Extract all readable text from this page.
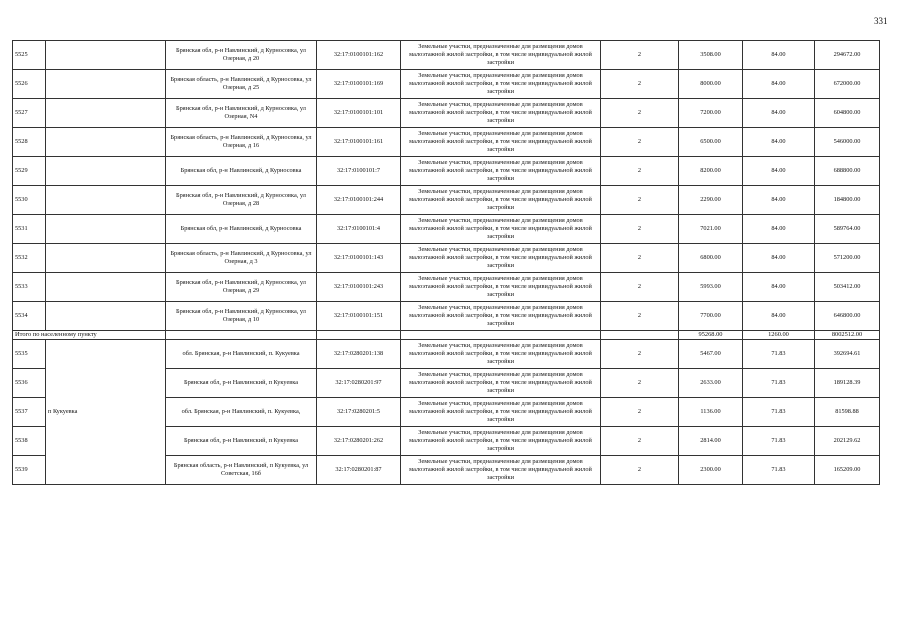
331
5525		Брянская обл, р-н Навлинский, д Курносовка, ул Озерная, д 20	32:17:0100101:162	Земельные участки, предназначенные для размещения домов малоэтажной жилой застройки, в том числе индивидуальной жилой застройки	2	3508.00	84.00	294672.00
5526		Брянская область, р-н Навлинский, д Курносовка, ул Озерная, д 25	32:17:0100101:169	Земельные участки, предназначенные для размещения домов малоэтажной жилой застройки, в том числе индивидуальной жилой застройки	2	8000.00	84.00	672000.00
5527		Брянская обл, р-н Навлинский, д Курносовка, ул Озерная, N4	32:17:0100101:101	Земельные участки, предназначенные для размещения домов малоэтажной жилой застройки, в том числе индивидуальной жилой застройки	2	7200.00	84.00	604800.00
5528		Брянская область, р-н Навлинский, д Курносовка, ул Озерная, д 16	32:17:0100101:161	Земельные участки, предназначенные для размещения домов малоэтажной жилой застройки, в том числе индивидуальной жилой застройки	2	6500.00	84.00	546000.00
5529		Брянская обл, р-н Навлинский, д Курносовка	32:17:0100101:7	Земельные участки, предназначенные для размещения домов малоэтажной жилой застройки, в том числе индивидуальной жилой застройки	2	8200.00	84.00	688800.00
5530		Брянская обл, р-н Навлинский, д Курносовка, ул Озерная, д 28	32:17:0100101:244	Земельные участки, предназначенные для размещения домов малоэтажной жилой застройки, в том числе индивидуальной жилой застройки	2	2290.00	84.00	184800.00
5531		Брянская обл, р-н Навлинский, д Курносовка	32:17:0100101:4	Земельные участки, предназначенные для размещения домов малоэтажной жилой застройки, в том числе индивидуальной жилой застройки	2	7021.00	84.00	589764.00
5532		Брянская область, р-н Навлинский, д Курносовка, ул Озерная, д 3	32:17:0100101:143	Земельные участки, предназначенные для размещения домов малоэтажной жилой застройки, в том числе индивидуальной жилой застройки	2	6800.00	84.00	571200.00
5533		Брянская обл, р-н Навлинский, д Курносовка, ул Озерная, д 29	32:17:0100101:243	Земельные участки, предназначенные для размещения домов малоэтажной жилой застройки, в том числе индивидуальной жилой застройки	2	5993.00	84.00	503412.00
5534		Брянская обл, р-н Навлинский, д Курносовка, ул Озерная, д 10	32:17:0100101:151	Земельные участки, предназначенные для размещения домов малоэтажной жилой застройки, в том числе индивидуальной жилой застройки	2	7700.00	84.00	646800.00
Итого по населенному пункту						95268.00	1260.00	8002512.00
5535	п Кукуевка	обл. Брянская, р-н Навлинский, п. Кукуевка	32:17:0280201:138	Земельные участки, предназначенные для размещения домов малоэтажной жилой застройки, в том числе индивидуальной жилой застройки	2	5467.00	71.83	392694.61
5536		Брянская обл, р-н Навлинский, п Кукуевка	32:17:0280201:97	Земельные участки, предназначенные для размещения домов малоэтажной жилой застройки, в том числе индивидуальной жилой застройки	2	2633.00	71.83	189128.39
5537		обл. Брянская, р-н Навлинский, п. Кукуевка,	32:17:0280201:5	Земельные участки, предназначенные для размещения домов малоэтажной жилой застройки, в том числе индивидуальной жилой застройки	2	1136.00	71.83	81598.88
5538		Брянская обл, р-н Навлинский, п Кукуевка	32:17:0280201:262	Земельные участки, предназначенные для размещения домов малоэтажной жилой застройки, в том числе индивидуальной жилой застройки	2	2814.00	71.83	202129.62
5539		Брянская область, р-н Навлинский, п Кукуевка, ул Советская, 16б	32:17:0280201:87	Земельные участки, предназначенные для размещения домов малоэтажной жилой застройки, в том числе индивидуальной жилой застройки	2	2300.00	71.83	165209.00
